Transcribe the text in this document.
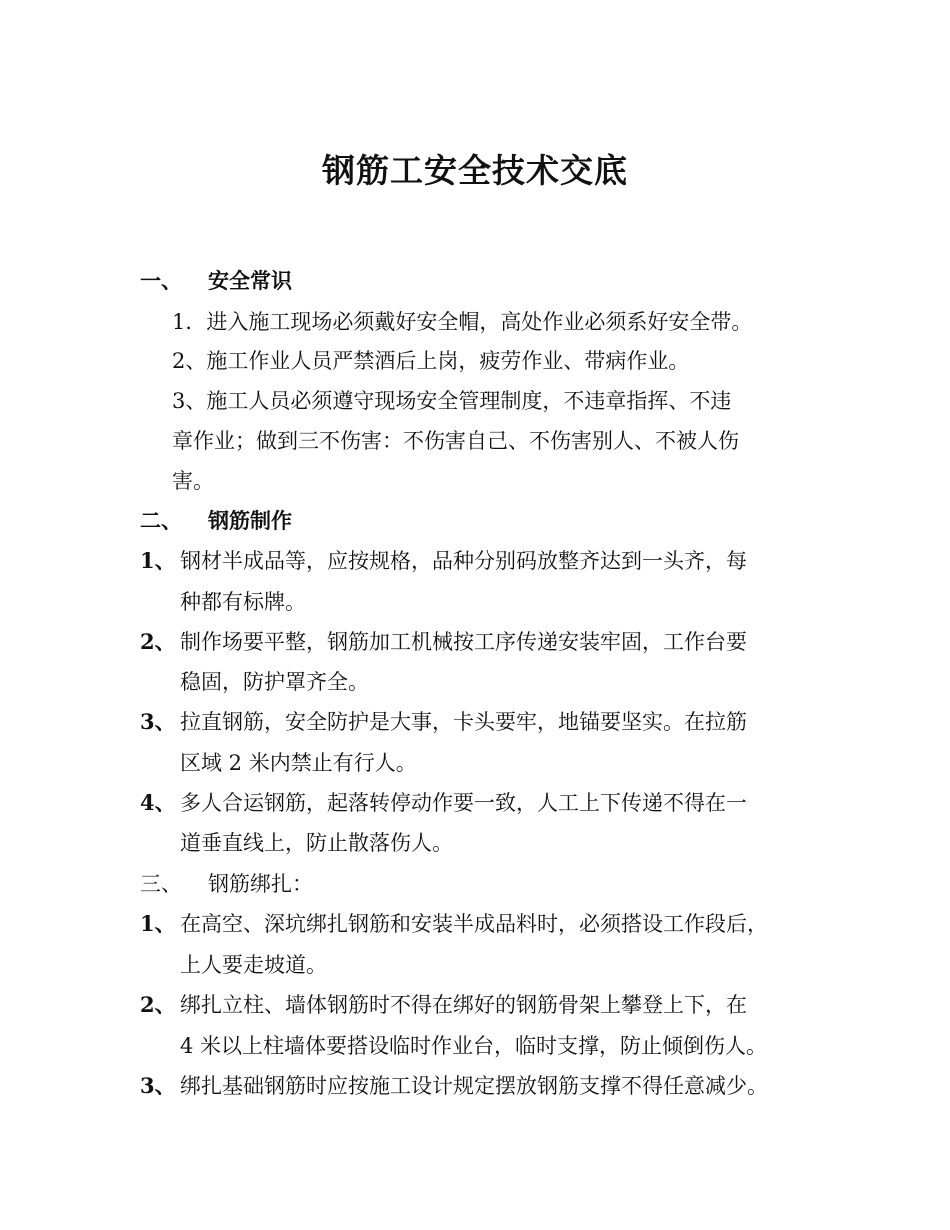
钢筋工安全技术交底
一、 安全常识
1．进入施工现场必须戴好安全帽，高处作业必须系好安全带。
2、施工作业人员严禁酒后上岗，疲劳作业、带病作业。
3、施工人员必须遵守现场安全管理制度，不违章指挥、不违
章作业；做到三不伤害：不伤害自己、不伤害别人、不被人伤
害。
二、 钢筋制作
1、 钢材半成品等，应按规格，品种分别码放整齐达到一头齐，每
种都有标牌。
2、 制作场要平整，钢筋加工机械按工序传递安装牢固，工作台要
稳固，防护罩齐全。
3、 拉直钢筋，安全防护是大事，卡头要牢，地锚要坚实。在拉筋
区域 2 米内禁止有行人。
4、 多人合运钢筋，起落转停动作要一致，人工上下传递不得在一
道垂直线上，防止散落伤人。
三、 钢筋绑扎：
1、 在高空、深坑绑扎钢筋和安装半成品料时，必须搭设工作段后，
上人要走坡道。
2、 绑扎立柱、墙体钢筋时不得在绑好的钢筋骨架上攀登上下，在
4 米以上柱墙体要搭设临时作业台，临时支撑，防止倾倒伤人。
3、 绑扎基础钢筋时应按施工设计规定摆放钢筋支撑不得任意减少。
